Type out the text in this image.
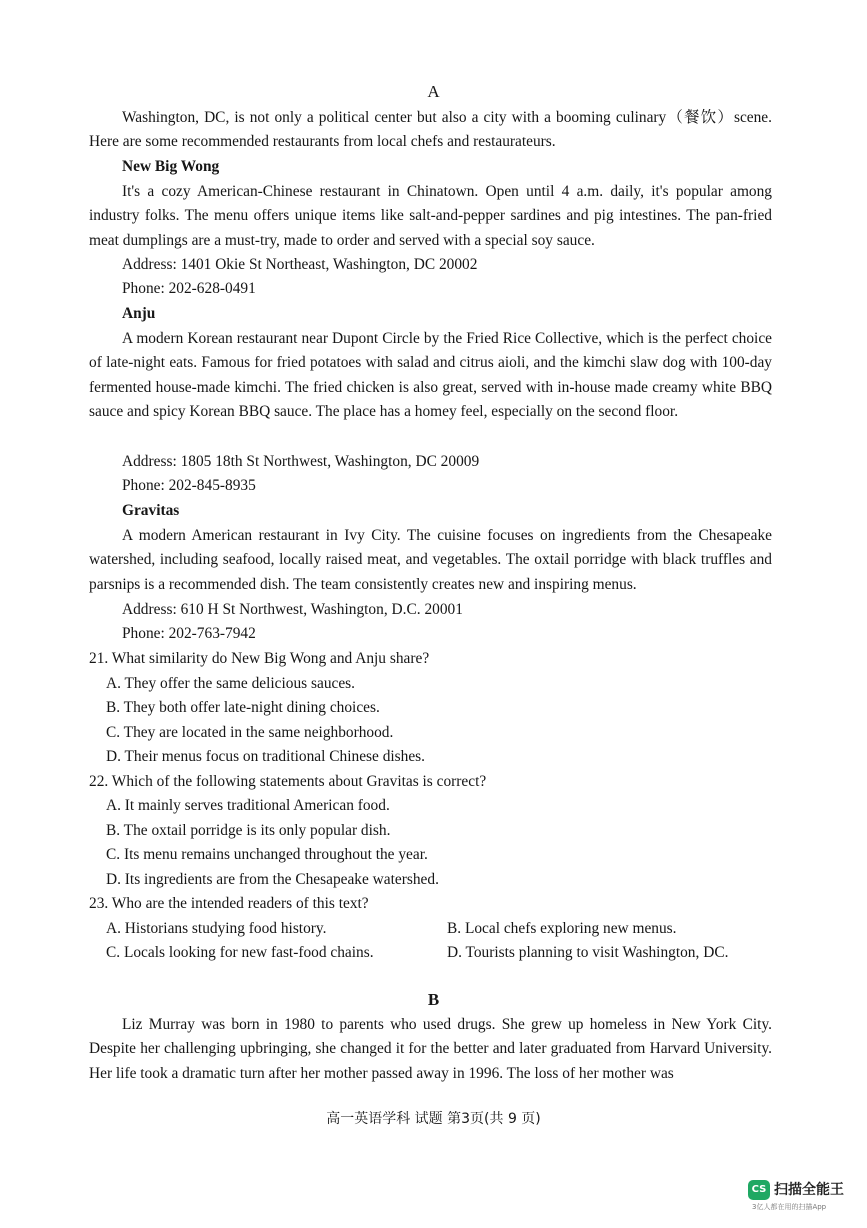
A

Washington, DC, is not only a political center but also a city with a booming culinary（餐饮）scene. Here are some recommended restaurants from local chefs and restaurateurs.

New Big Wong

It's a cozy American-Chinese restaurant in Chinatown. Open until 4 a.m. daily, it's popular among industry folks. The menu offers unique items like salt-and-pepper sardines and pig intestines. The pan-fried meat dumplings are a must-try, made to order and served with a special soy sauce.

Address: 1401 Okie St Northeast, Washington, DC 20002
Phone: 202-628-0491
Anju

A modern Korean restaurant near Dupont Circle by the Fried Rice Collective, which is the perfect choice of late-night eats. Famous for fried potatoes with salad and citrus aioli, and the kimchi slaw dog with 100-day fermented house-made kimchi. The fried chicken is also great, served with in-house made creamy white BBQ sauce and spicy Korean BBQ sauce. The place has a homey feel, especially on the second floor.

Address: 1805 18th St Northwest, Washington, DC 20009
Phone: 202-845-8935
Gravitas

A modern American restaurant in Ivy City. The cuisine focuses on ingredients from the Chesapeake watershed, including seafood, locally raised meat, and vegetables. The oxtail porridge with black truffles and parsnips is a recommended dish. The team consistently creates new and inspiring menus.

Address: 610 H St Northwest, Washington, D.C. 20001
Phone: 202-763-7942
21. What similarity do New Big Wong and Anju share?
A. They offer the same delicious sauces.
B. They both offer late-night dining choices.
C. They are located in the same neighborhood.
D. Their menus focus on traditional Chinese dishes.
22. Which of the following statements about Gravitas is correct?
A. It mainly serves traditional American food.
B. The oxtail porridge is its only popular dish.
C. Its menu remains unchanged throughout the year.
D. Its ingredients are from the Chesapeake watershed.
23. Who are the intended readers of this text?
A. Historians studying food history.	B. Local chefs exploring new menus.
C. Locals looking for new fast-food chains.	D. Tourists planning to visit Washington, DC.
B

Liz Murray was born in 1980 to parents who used drugs. She grew up homeless in New York City. Despite her challenging upbringing, she changed it for the better and later graduated from Harvard University. Her life took a dramatic turn after her mother passed away in 1996. The loss of her mother was

高一英语学科 试题 第3页(共 9 页)
CS 扫描全能王
3亿人都在用的扫描App
